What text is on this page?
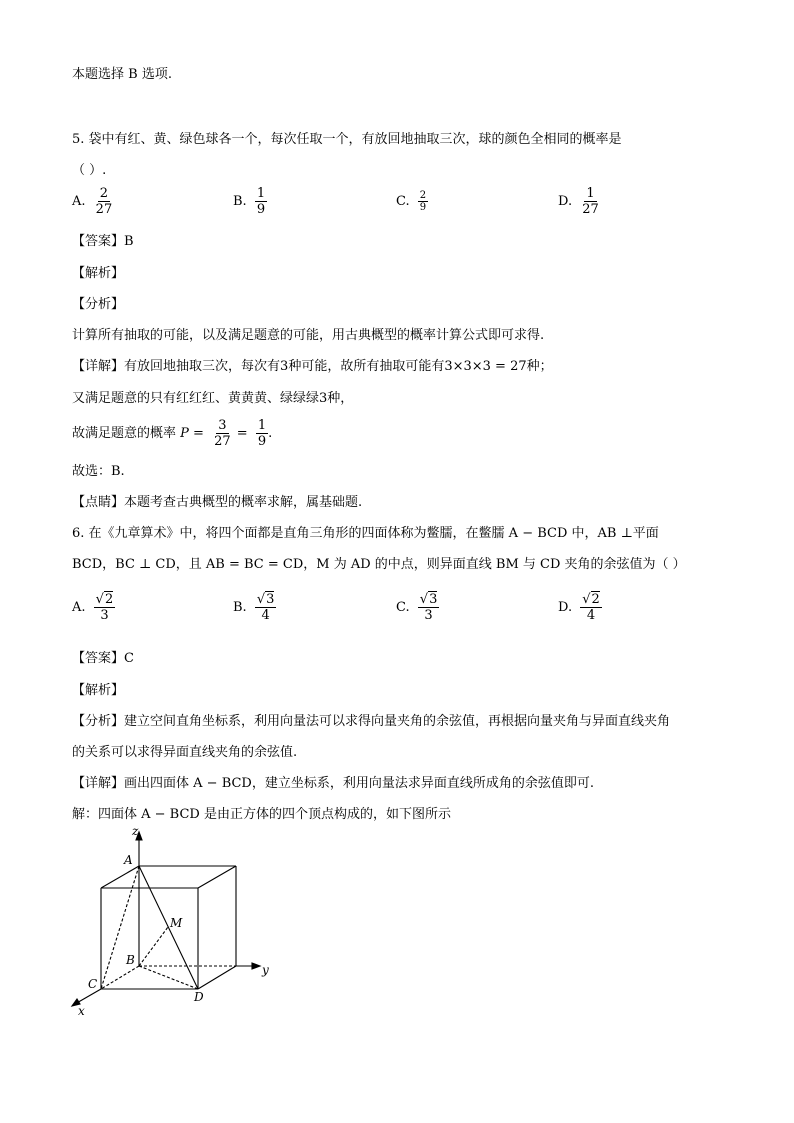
本题选择 B 选项.
5. 袋中有红、黄、绿色球各一个，每次任取一个，有放回地抽取三次，球的颜色全相同的概率是
（ ）.
A. $\frac{2}{27}$	B. $\frac{1}{9}$	C. $\frac{2}{9}$	D. $\frac{1}{27}$
【答案】B
【解析】
【分析】
计算所有抽取的可能，以及满足题意的可能，用古典概型的概率计算公式即可求得.
【详解】有放回地抽取三次，每次有3种可能，故所有抽取可能有3×3×3 = 27种；
又满足题意的只有红红红、黄黄黄、绿绿绿3种，
故满足题意的概率 $P = \frac{3}{27} = \frac{1}{9}$ .
故选：B.
【点睛】本题考查古典概型的概率求解，属基础题.
6. 在《九章算术》中，将四个面都是直角三角形的四面体称为鳖臑，在鳖臑 A − BCD 中，AB ⊥平面
BCD，BC ⊥ CD，且 AB = BC = CD，M 为 AD 的中点，则异面直线 BM 与 CD 夹角的余弦值为（ ）
A. $\frac{√2}{3}$	B. $\frac{√3}{4}$	C. $\frac{√3}{3}$	D. $\frac{√2}{4}$
【答案】C
【解析】
【分析】建立空间直角坐标系，利用向量法可以求得向量夹角的余弦值，再根据向量夹角与异面直线夹角
的关系可以求得异面直线夹角的余弦值.
【详解】画出四面体 A − BCD，建立坐标系，利用向量法求异面直线所成角的余弦值即可.
解：四面体 A − BCD 是由正方体的四个顶点构成的，如下图所示
z
A
M
B
C
D
y
x
